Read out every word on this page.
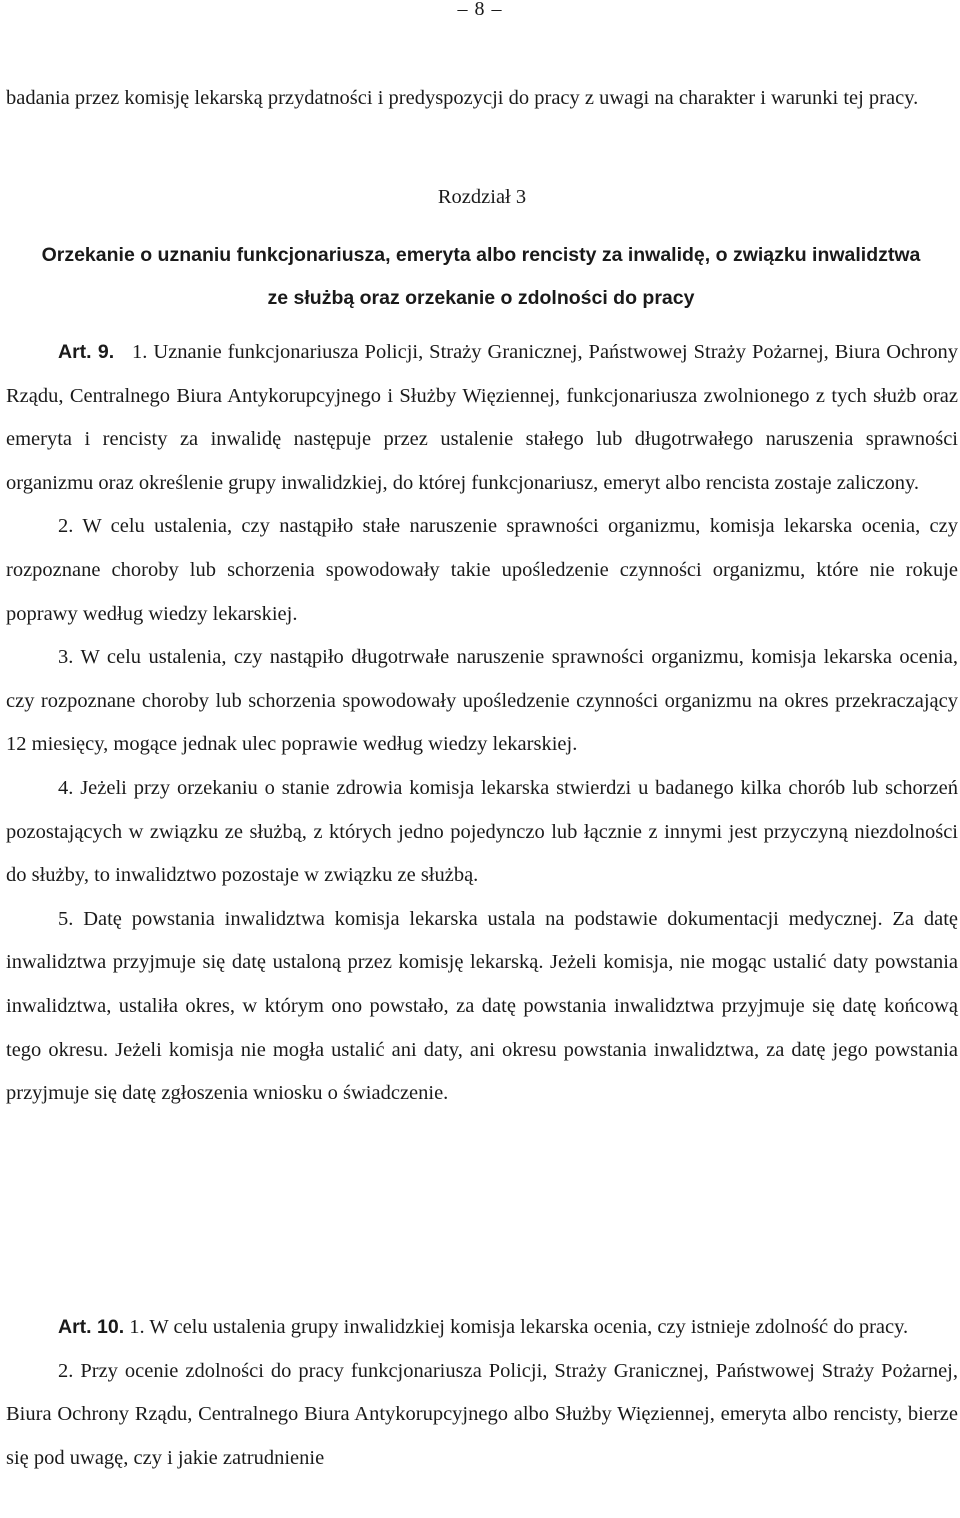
– 8 –

badania przez komisję lekarską przydatności i predyspozycji do pracy z uwagi na charakter i warunki tej pracy.

Rozdział 3

Orzekanie o uznaniu funkcjonariusza, emeryta albo rencisty za inwalidę, o związku inwalidztwa ze służbą oraz orzekanie o zdolności do pracy

Art. 9. 1. Uznanie funkcjonariusza Policji, Straży Granicznej, Państwowej Straży Pożarnej, Biura Ochrony Rządu, Centralnego Biura Antykorupcyjnego i Służby Więziennej, funkcjonariusza zwolnionego z tych służb oraz emeryta i rencisty za inwalidę następuje przez ustalenie stałego lub długotrwałego naruszenia sprawności organizmu oraz określenie grupy inwalidzkiej, do której funkcjonariusz, emeryt albo rencista zostaje zaliczony.

2. W celu ustalenia, czy nastąpiło stałe naruszenie sprawności organizmu, komisja lekarska ocenia, czy rozpoznane choroby lub schorzenia spowodowały takie upośledzenie czynności organizmu, które nie rokuje poprawy według wiedzy lekarskiej.

3. W celu ustalenia, czy nastąpiło długotrwałe naruszenie sprawności organizmu, komisja lekarska ocenia, czy rozpoznane choroby lub schorzenia spowodowały upośledzenie czynności organizmu na okres przekraczający 12 miesięcy, mogące jednak ulec poprawie według wiedzy lekarskiej.

4. Jeżeli przy orzekaniu o stanie zdrowia komisja lekarska stwierdzi u badanego kilka chorób lub schorzeń pozostających w związku ze służbą, z których jedno pojedynczo lub łącznie z innymi jest przyczyną niezdolności do służby, to inwalidztwo pozostaje w związku ze służbą.

5. Datę powstania inwalidztwa komisja lekarska ustala na podstawie dokumentacji medycznej. Za datę inwalidztwa przyjmuje się datę ustaloną przez komisję lekarską. Jeżeli komisja, nie mogąc ustalić daty powstania inwalidztwa, ustaliła okres, w którym ono powstało, za datę powstania inwalidztwa przyjmuje się datę końcową tego okresu. Jeżeli komisja nie mogła ustalić ani daty, ani okresu powstania inwalidztwa, za datę jego powstania przyjmuje się datę zgłoszenia wniosku o świadczenie.

Art. 10. 1. W celu ustalenia grupy inwalidzkiej komisja lekarska ocenia, czy istnieje zdolność do pracy.

2. Przy ocenie zdolności do pracy funkcjonariusza Policji, Straży Granicznej, Państwowej Straży Pożarnej, Biura Ochrony Rządu, Centralnego Biura Antykorupcyjnego albo Służby Więziennej, emeryta albo rencisty, bierze się pod uwagę, czy i jakie zatrudnienie
